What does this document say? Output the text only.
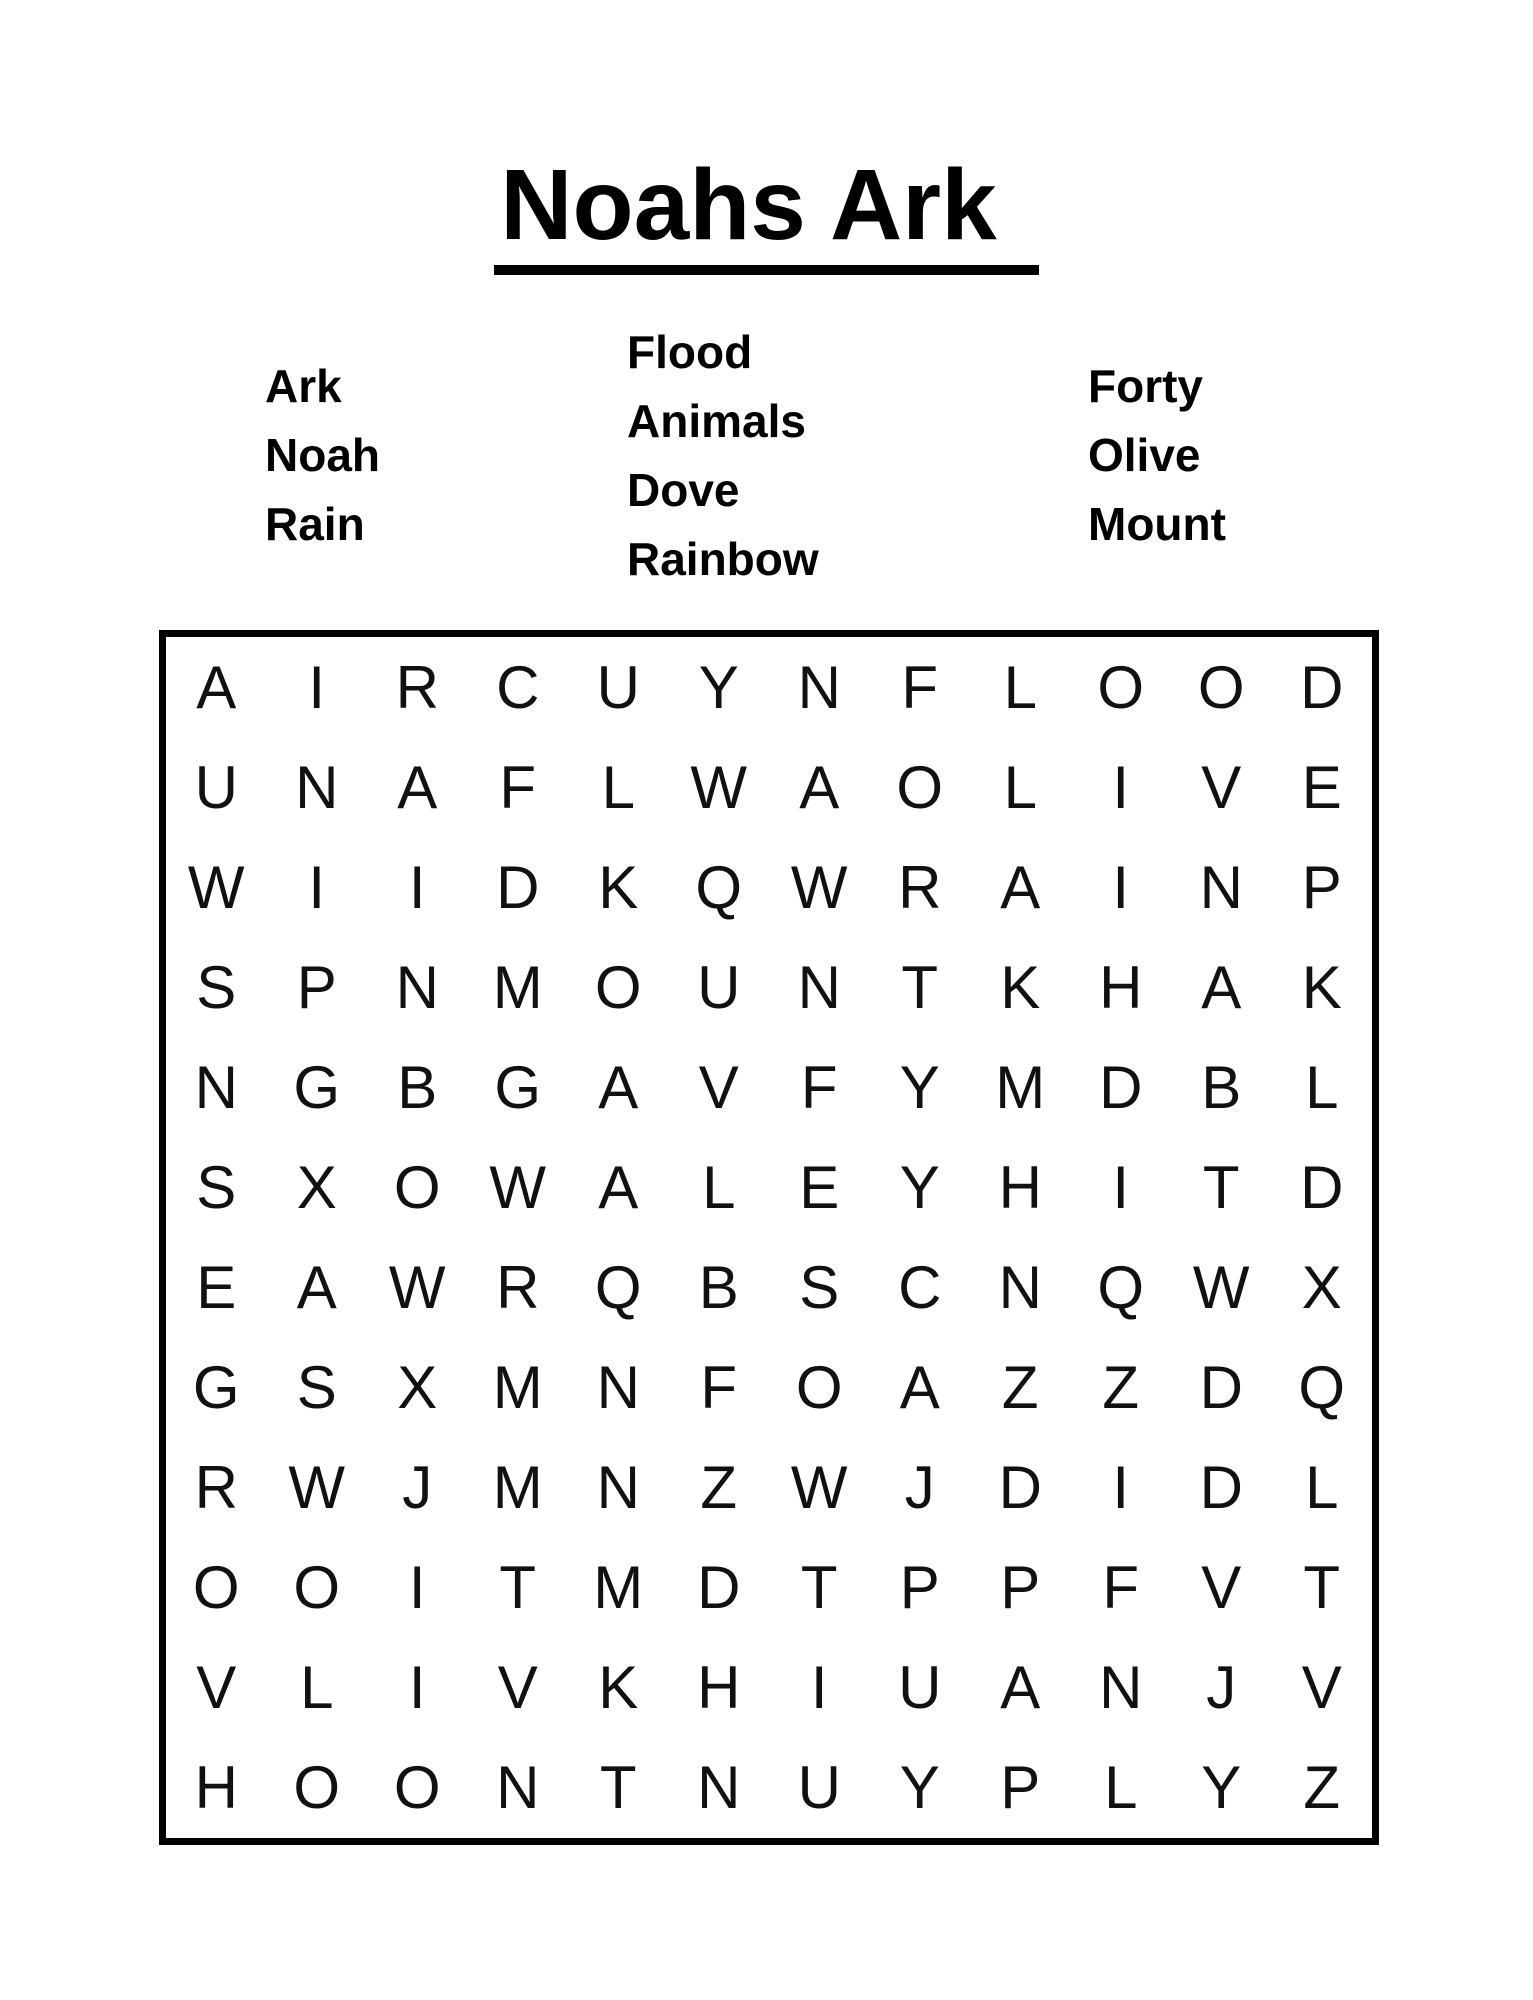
Noahs Ark
Ark
Noah
Rain
Flood
Animals
Dove
Rainbow
Forty
Olive
Mount
A	I	R C U Y N	F	L	O O D
U N A	F	L W A O	L	I	V	E
W	I	I	D K Q W R A	I	N P
S	P N M O U N	T	K H A	K
N G B G A	V	F	Y M D B	L
S	X O W A	L	E	Y H	I	T	D
E	A W R Q B	S C N Q W X
G S	X M N	F O A	Z	Z	D Q
R W J	M N	Z W J	D	I	D	L
O O	I	T M D	T	P	P	F	V	T
V	L	I	V	K H	I	U A N	J	V
H O O N	T	N U Y	P	L	Y	Z
